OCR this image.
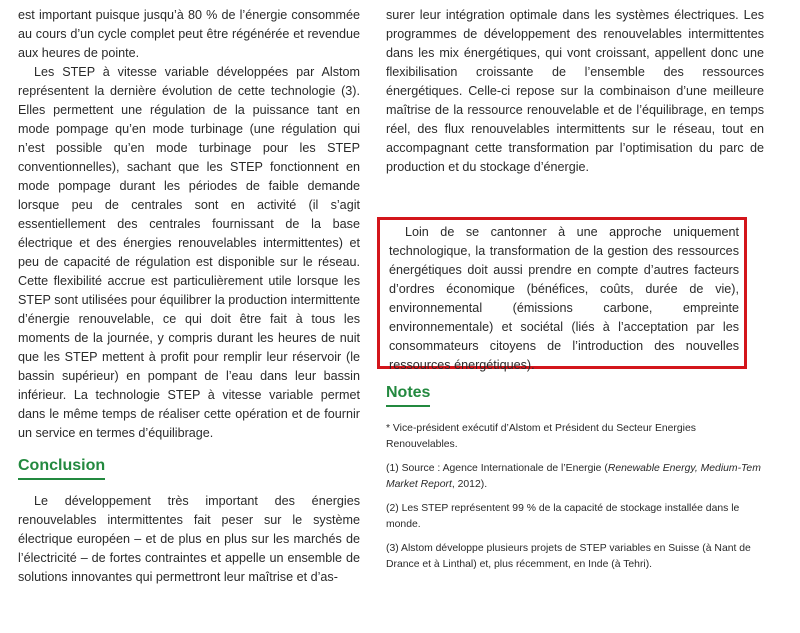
est important puisque jusqu’à 80 % de l’énergie consommée au cours d’un cycle complet peut être régénérée et revendue aux heures de pointe.

Les STEP à vitesse variable développées par Alstom représentent la dernière évolution de cette technologie (3). Elles permettent une régulation de la puissance tant en mode pompage qu’en mode turbinage (une régulation qui n’est possible qu’en mode turbinage pour les STEP conventionnelles), sachant que les STEP fonctionnent en mode pompage durant les périodes de faible demande lorsque peu de centrales sont en activité (il s’agit essentiellement des centrales fournissant de la base électrique et des énergies renouvelables intermittentes) et peu de capacité de régulation est disponible sur le réseau. Cette flexibilité accrue est particulièrement utile lorsque les STEP sont utilisées pour équilibrer la production intermittente d’énergie renouvelable, ce qui doit être fait à tous les moments de la journée, y compris durant les heures de nuit que les STEP mettent à profit pour remplir leur réservoir (le bassin supérieur) en pompant de l’eau dans leur bassin inférieur. La technologie STEP à vitesse variable permet dans le même temps de réaliser cette opération et de fournir un service en termes d’équilibrage.

Conclusion

Le développement très important des énergies renouvelables intermittentes fait peser sur le système électrique européen – et de plus en plus sur les marchés de l’électricité – de fortes contraintes et appelle un ensemble de solutions innovantes qui permettront leur maîtrise et d’as-

surer leur intégration optimale dans les systèmes électriques. Les programmes de développement des renouvelables intermittentes dans les mix énergétiques, qui vont croissant, appellent donc une flexibilisation croissante de l’ensemble des ressources énergétiques. Celle-ci repose sur la combinaison d’une meilleure maîtrise de la ressource renouvelable et de l’équilibrage, en temps réel, des flux renouvelables intermittents sur le réseau, tout en accompagnant cette transformation par l’optimisation du parc de production et du stockage d’énergie.

Loin de se cantonner à une approche uniquement technologique, la transformation de la gestion des ressources énergétiques doit aussi prendre en compte d’autres facteurs d’ordres économique (bénéfices, coûts, durée de vie), environnemental (émissions carbone, empreinte environnementale) et sociétal (liés à l’acceptation par les consommateurs citoyens de l’introduction des nouvelles ressources énergétiques).

Notes

* Vice-président exécutif d’Alstom et Président du Secteur Energies Renouvelables.

(1) Source : Agence Internationale de l’Energie (Renewable Energy, Medium-Tem Market Report, 2012).

(2) Les STEP représentent 99 % de la capacité de stockage installée dans le monde.

(3) Alstom développe plusieurs projets de STEP variables en Suisse (à Nant de Drance et à Linthal) et, plus récemment, en Inde (à Tehri).
